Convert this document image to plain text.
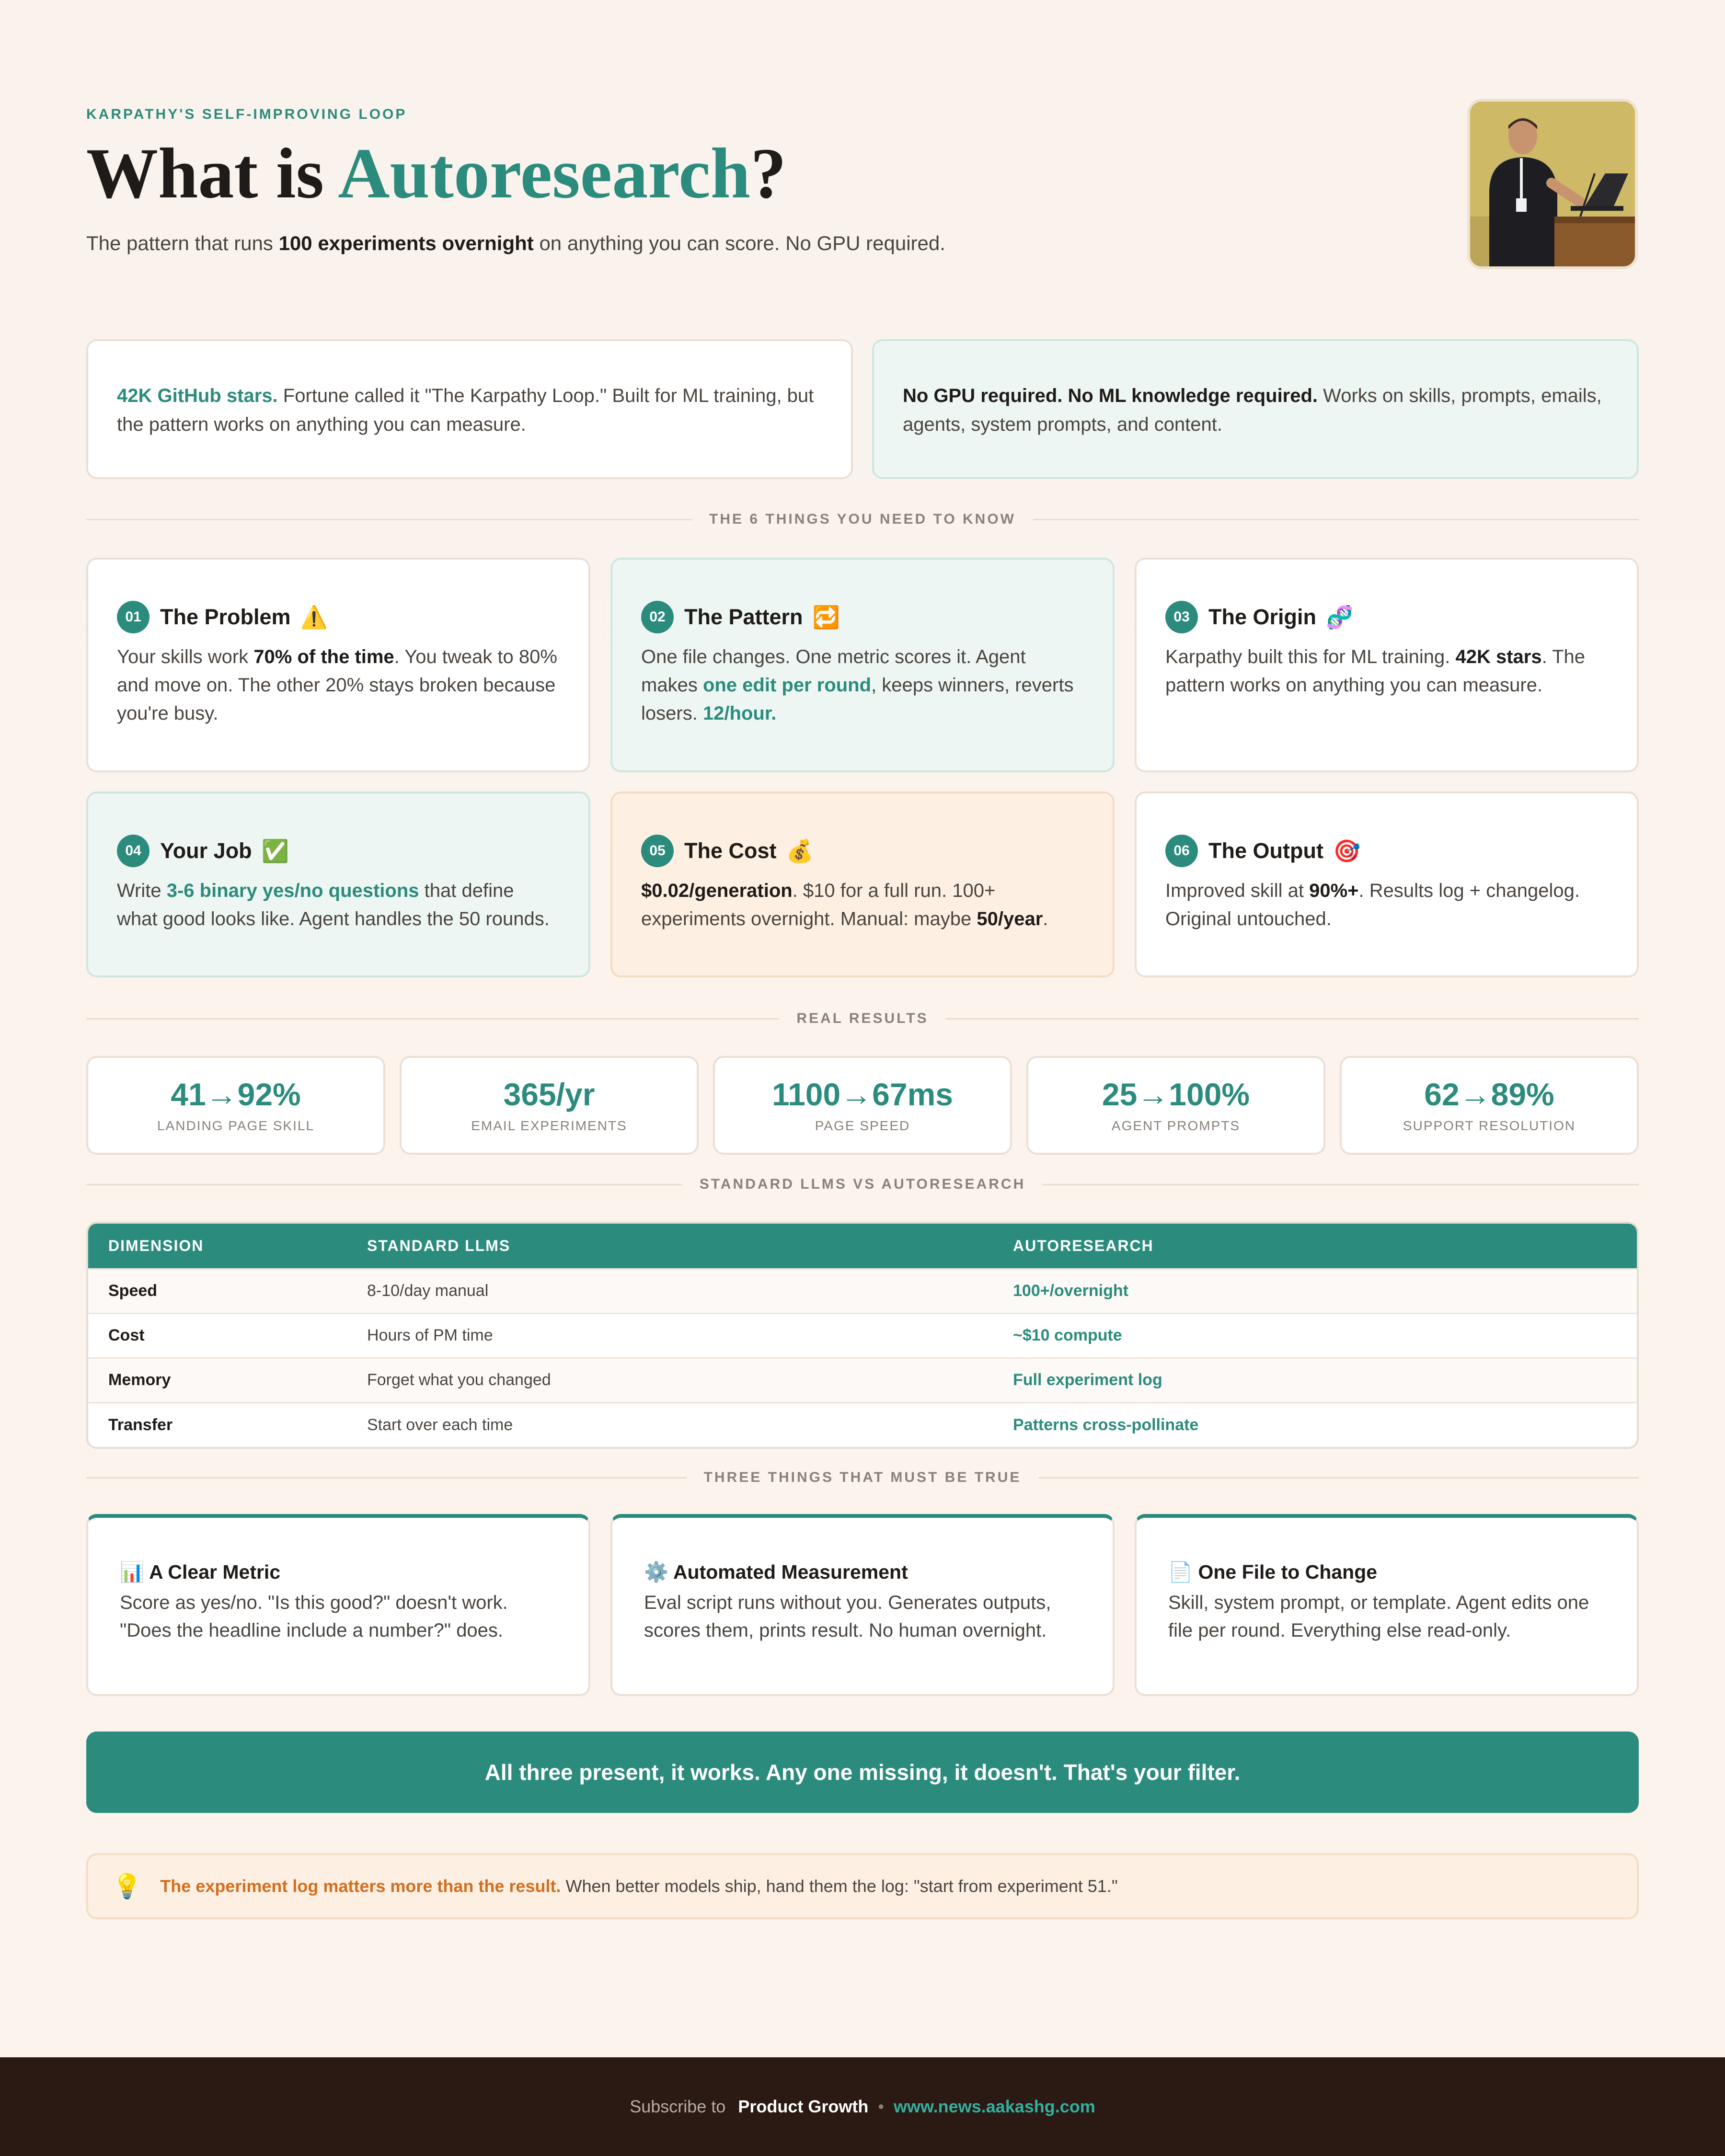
KARPATHY'S SELF-IMPROVING LOOP
What is Autoresearch?
The pattern that runs 100 experiments overnight on anything you can score. No GPU required.
42K GitHub stars. Fortune called it "The Karpathy Loop." Built for ML training, but the pattern works on anything you can measure.
No GPU required. No ML knowledge required. Works on skills, prompts, emails, agents, system prompts, and content.
THE 6 THINGS YOU NEED TO KNOW
01 The Problem ⚠️
Your skills work 70% of the time. You tweak to 80% and move on. The other 20% stays broken because you're busy.
02 The Pattern 🔁
One file changes. One metric scores it. Agent makes one edit per round, keeps winners, reverts losers. 12/hour.
03 The Origin 🧬
Karpathy built this for ML training. 42K stars. The pattern works on anything you can measure.
04 Your Job ✅
Write 3-6 binary yes/no questions that define what good looks like. Agent handles the 50 rounds.
05 The Cost 💰
$0.02/generation. $10 for a full run. 100+ experiments overnight. Manual: maybe 50/year.
06 The Output 🎯
Improved skill at 90%+. Results log + changelog. Original untouched.
REAL RESULTS
41→92%
LANDING PAGE SKILL
365/yr
EMAIL EXPERIMENTS
1100→67ms
PAGE SPEED
25→100%
AGENT PROMPTS
62→89%
SUPPORT RESOLUTION
STANDARD LLMS VS AUTORESEARCH
DIMENSION	STANDARD LLMS	AUTORESEARCH
Speed	8-10/day manual	100+/overnight
Cost	Hours of PM time	~$10 compute
Memory	Forget what you changed	Full experiment log
Transfer	Start over each time	Patterns cross-pollinate
THREE THINGS THAT MUST BE TRUE
📊 A Clear Metric
Score as yes/no. "Is this good?" doesn't work. "Does the headline include a number?" does.
⚙️ Automated Measurement
Eval script runs without you. Generates outputs, scores them, prints result. No human overnight.
📄 One File to Change
Skill, system prompt, or template. Agent edits one file per round. Everything else read-only.
All three present, it works. Any one missing, it doesn't. That's your filter.
💡 The experiment log matters more than the result. When better models ship, hand them the log: "start from experiment 51."
Subscribe to Product Growth • www.news.aakashg.com
